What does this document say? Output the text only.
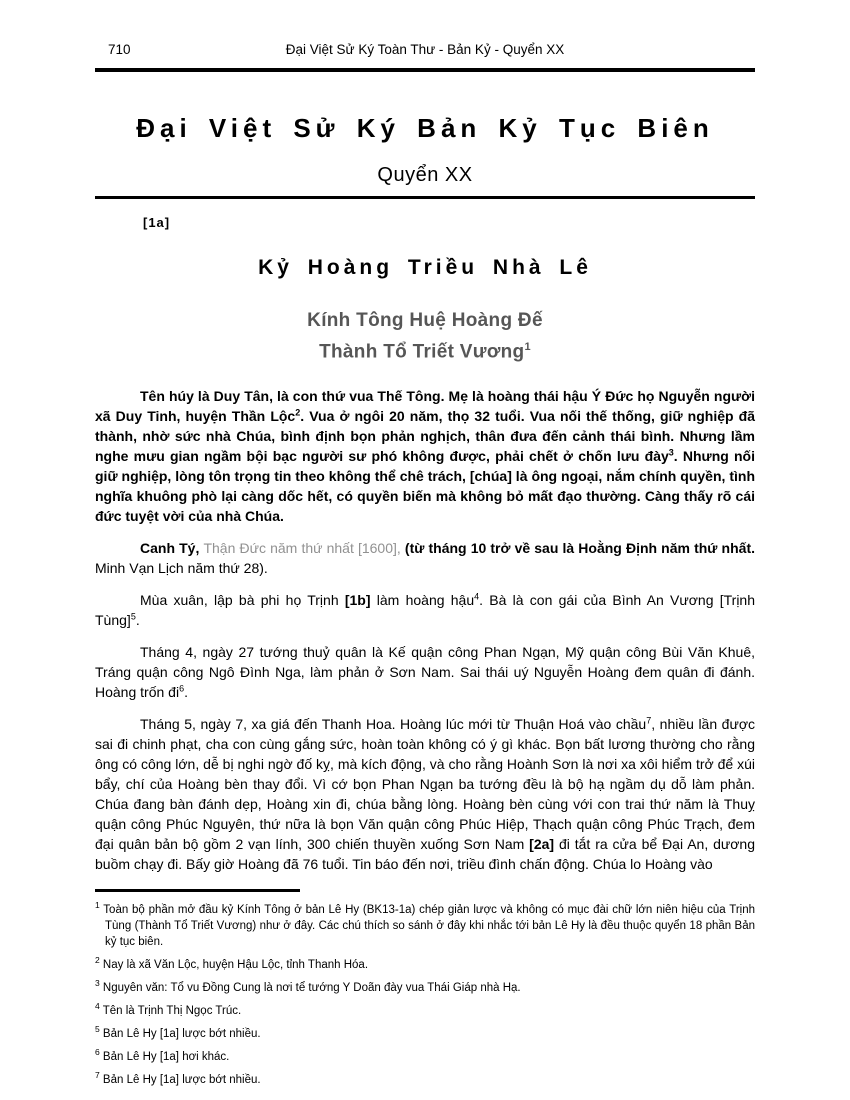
710	Đại Việt Sử Ký Toàn Thư - Bản Kỷ - Quyển XX
Đại Việt Sử Ký Bản Kỷ Tục Biên
Quyển XX
[1a]
Kỷ Hoàng Triều Nhà Lê
Kính Tông Huệ Hoàng Đế
Thành Tổ Triết Vương$^1$

Tên húy là Duy Tân, là con thứ vua Thế Tông. Mẹ là hoàng thái hậu Ý Đức họ Nguyễn người xã Duy Tinh, huyện Thần Lộc$^2$. Vua ở ngôi 20 năm, thọ 32 tuổi. Vua nối thế thống, giữ nghiệp đã thành, nhờ sức nhà Chúa, bình định bọn phản nghịch, thân đưa đến cảnh thái bình. Nhưng lầm nghe mưu gian ngầm bội bạc người sư phó không được, phải chết ở chốn lưu đày$^3$. Nhưng nối giữ nghiệp, lòng tôn trọng tin theo không thể chê trách, [chúa] là ông ngoại, nắm chính quyền, tình nghĩa khuông phò lại càng dốc hết, có quyền biến mà không bỏ mất đạo thường. Càng thấy rõ cái đức tuyệt vời của nhà Chúa.

Canh Tý, Thận Đức năm thứ nhất [1600], (từ tháng 10 trở về sau là Hoằng Định năm thứ nhất. Minh Vạn Lịch năm thứ 28).

Mùa xuân, lập bà phi họ Trịnh [1b] làm hoàng hậu$^4$. Bà là con gái của Bình An Vương [Trịnh Tùng]$^5$.

Tháng 4, ngày 27 tướng thuỷ quân là Kế quận công Phan Ngạn, Mỹ quận công Bùi Văn Khuê, Tráng quận công Ngô Đình Nga, làm phản ở Sơn Nam. Sai thái uý Nguyễn Hoàng đem quân đi đánh. Hoàng trốn $đi^6$.

Tháng 5, ngày 7, xa giá đến Thanh Hoa. Hoàng lúc mới từ Thuận Hoá vào chầu$^7$, nhiều lần được sai đi chinh phạt, cha con cùng gắng sức, hoàn toàn không có ý gì khác. Bọn bất lương thường cho rằng ông có công lớn, dễ bị nghi ngờ đố kỵ, mà kích động, và cho rằng Hoành Sơn là nơi xa xôi hiểm trở để xúi bẩy, chí của Hoàng bèn thay đổi. Vì cớ bọn Phan Ngạn ba tướng đều là bộ hạ ngầm dụ dỗ làm phản. Chúa đang bàn đánh dẹp, Hoàng xin đi, chúa bằng lòng. Hoàng bèn cùng với con trai thứ năm là Thuỵ quận công Phúc Nguyên, thứ nữa là bọn Văn quận công Phúc Hiệp, Thạch quận công Phúc Trạch, đem đại quân bản bộ gồm 2 vạn lính, 300 chiến thuyền xuống Sơn Nam [2a] đi tắt ra cửa bể Đại An, dương buồm chạy đi. Bấy giờ Hoàng đã 76 tuổi. Tin báo đến nơi, triều đình chấn động. Chúa lo Hoàng vào

$^1$ Toàn bộ phần mở đầu kỷ Kính Tông ở bản Lê Hy (BK13-1a) chép giản lược và không có mục đài chữ lớn niên hiệu của Trịnh Tùng (Thành Tổ Triết Vương) như ở đây. Các chú thích so sánh ở đây khi nhắc tới bản Lê Hy là đều thuộc quyển 18 phần Bản kỷ tục biên.
$^2$ Nay là xã Văn Lộc, huyện Hậu Lộc, tỉnh Thanh Hóa.
$^3$ Nguyên văn: Tổ vu Đồng Cung là nơi tể tướng Y Doãn đày vua Thái Giáp nhà Hạ.
$^4$ Tên là Trịnh Thị Ngọc Trúc.
$^5$ Bản Lê Hy [1a] lược bớt nhiều.
$^6$ Bản Lê Hy [1a] hơi khác.
$^7$ Bản Lê Hy [1a] lược bớt nhiều.
